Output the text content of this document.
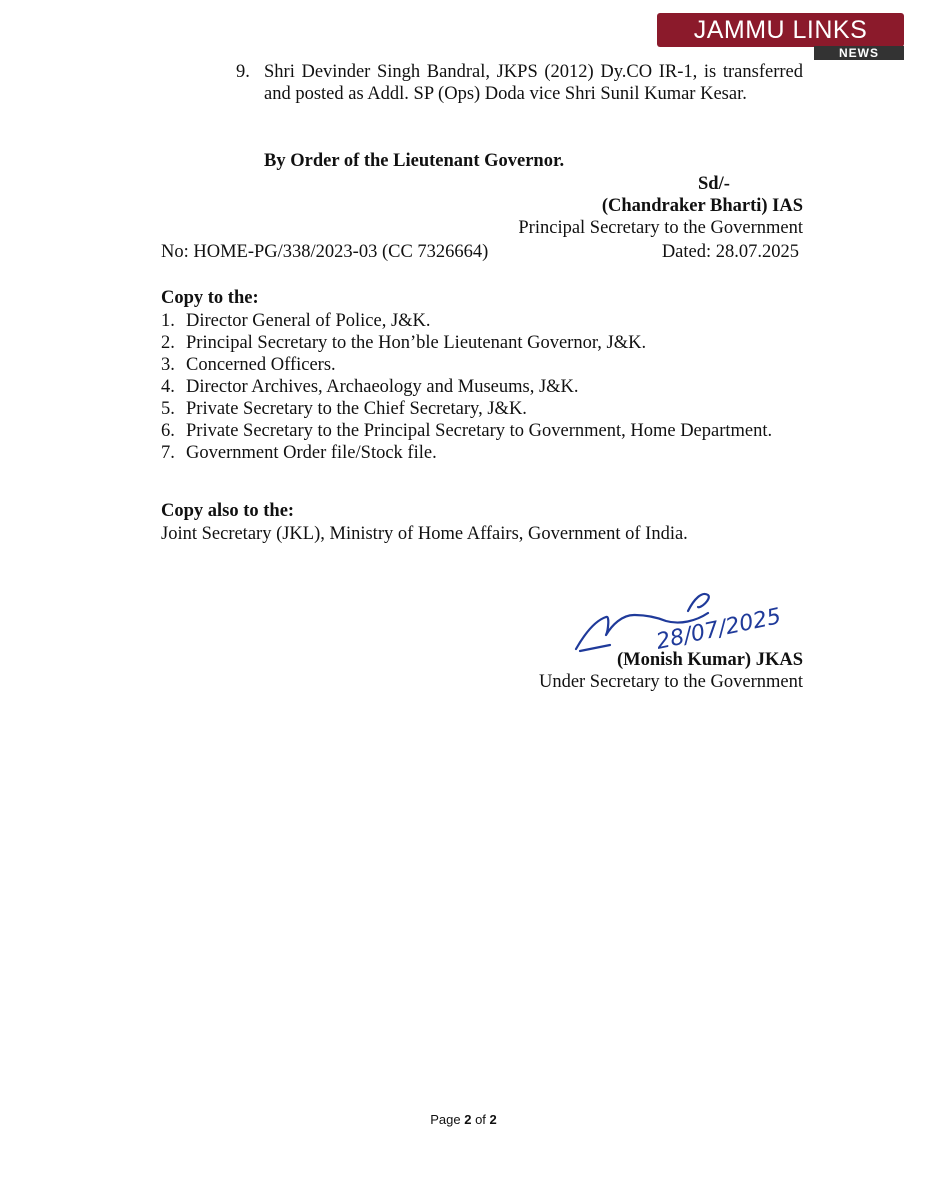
JAMMU LINKS
NEWS
9. Shri Devinder Singh Bandral, JKPS (2012) Dy.CO IR-1, is transferred and posted as Addl. SP (Ops) Doda vice Shri Sunil Kumar Kesar.
By Order of the Lieutenant Governor.
Sd/-
(Chandraker Bharti) IAS
Principal Secretary to the Government
No: HOME-PG/338/2023-03 (CC 7326664)	Dated: 28.07.2025
Copy to the:
1. Director General of Police, J&K.
2. Principal Secretary to the Hon’ble Lieutenant Governor, J&K.
3. Concerned Officers.
4. Director Archives, Archaeology and Museums, J&K.
5. Private Secretary to the Chief Secretary, J&K.
6. Private Secretary to the Principal Secretary to Government, Home Department.
7. Government Order file/Stock file.
Copy also to the:
Joint Secretary (JKL), Ministry of Home Affairs, Government of India.
28/07/2025
(Monish Kumar) JKAS
Under Secretary to the Government
Page 2 of 2
